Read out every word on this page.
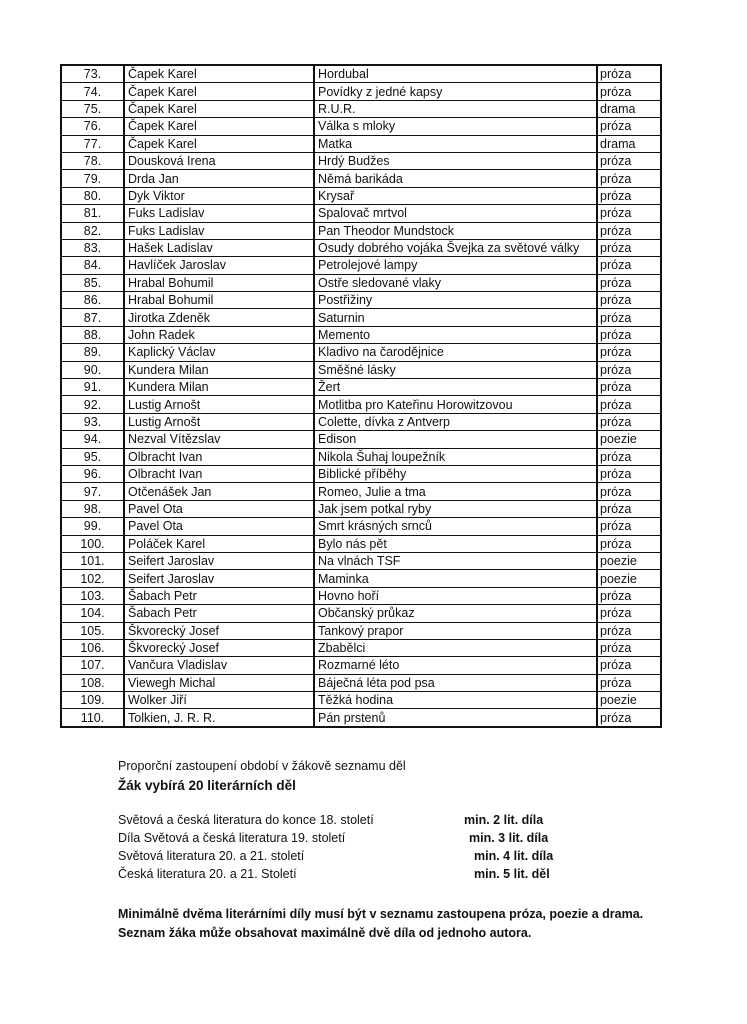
73.	Čapek Karel	Hordubal	próza
74.	Čapek Karel	Povídky z jedné kapsy	próza
75.	Čapek Karel	R.U.R.	drama
76.	Čapek Karel	Válka s mloky	próza
77.	Čapek Karel	Matka	drama
78.	Dousková Irena	Hrdý Budžes	próza
79.	Drda Jan	Němá barikáda	próza
80.	Dyk Viktor	Krysař	próza
81.	Fuks Ladislav	Spalovač mrtvol	próza
82.	Fuks Ladislav	Pan Theodor Mundstock	próza
83.	Hašek Ladislav	Osudy dobrého vojáka Švejka za světové války	próza
84.	Havlíček Jaroslav	Petrolejové lampy	próza
85.	Hrabal Bohumil	Ostře sledované vlaky	próza
86.	Hrabal Bohumil	Postřižiny	próza
87.	Jirotka Zdeněk	Saturnin	próza
88.	John Radek	Memento	próza
89.	Kaplický Václav	Kladivo na čarodějnice	próza
90.	Kundera Milan	Směšné lásky	próza
91.	Kundera Milan	Žert	próza
92.	Lustig Arnošt	Motlitba pro Kateřinu Horowitzovou	próza
93.	Lustig Arnošt	Colette, dívka z Antverp	próza
94.	Nezval Vítězslav	Edison	poezie
95.	Olbracht Ivan	Nikola Šuhaj loupežník	próza
96.	Olbracht Ivan	Biblické příběhy	próza
97.	Otčenášek Jan	Romeo, Julie a tma	próza
98.	Pavel Ota	Jak jsem potkal ryby	próza
99.	Pavel Ota	Smrt krásných srnců	próza
100.	Poláček Karel	Bylo nás pět	próza
101.	Seifert Jaroslav	Na vlnách TSF	poezie
102.	Seifert Jaroslav	Maminka	poezie
103.	Šabach Petr	Hovno hoří	próza
104.	Šabach Petr	Občanský průkaz	próza
105.	Škvorecký Josef	Tankový prapor	próza
106.	Škvorecký Josef	Zbabělci	próza
107.	Vančura Vladislav	Rozmarné léto	próza
108.	Viewegh Michal	Báječná léta pod psa	próza
109.	Wolker Jiří	Těžká hodina	poezie
110.	Tolkien, J. R. R.	Pán prstenů	próza

Proporční zastoupení období v žákově seznamu děl

Žák vybírá 20 literárních děl

Světová a česká literatura do konce 18. století	min. 2 lit. díla
Díla Světová a česká literatura 19. století	min. 3 lit. díla
Světová literatura 20. a 21. století	min. 4 lit. díla
Česká literatura 20. a 21. Století	min. 5 lit. děl

Minimálně dvěma literárními díly musí být v seznamu zastoupena próza, poezie a drama.

Seznam žáka může obsahovat maximálně dvě díla od jednoho autora.
